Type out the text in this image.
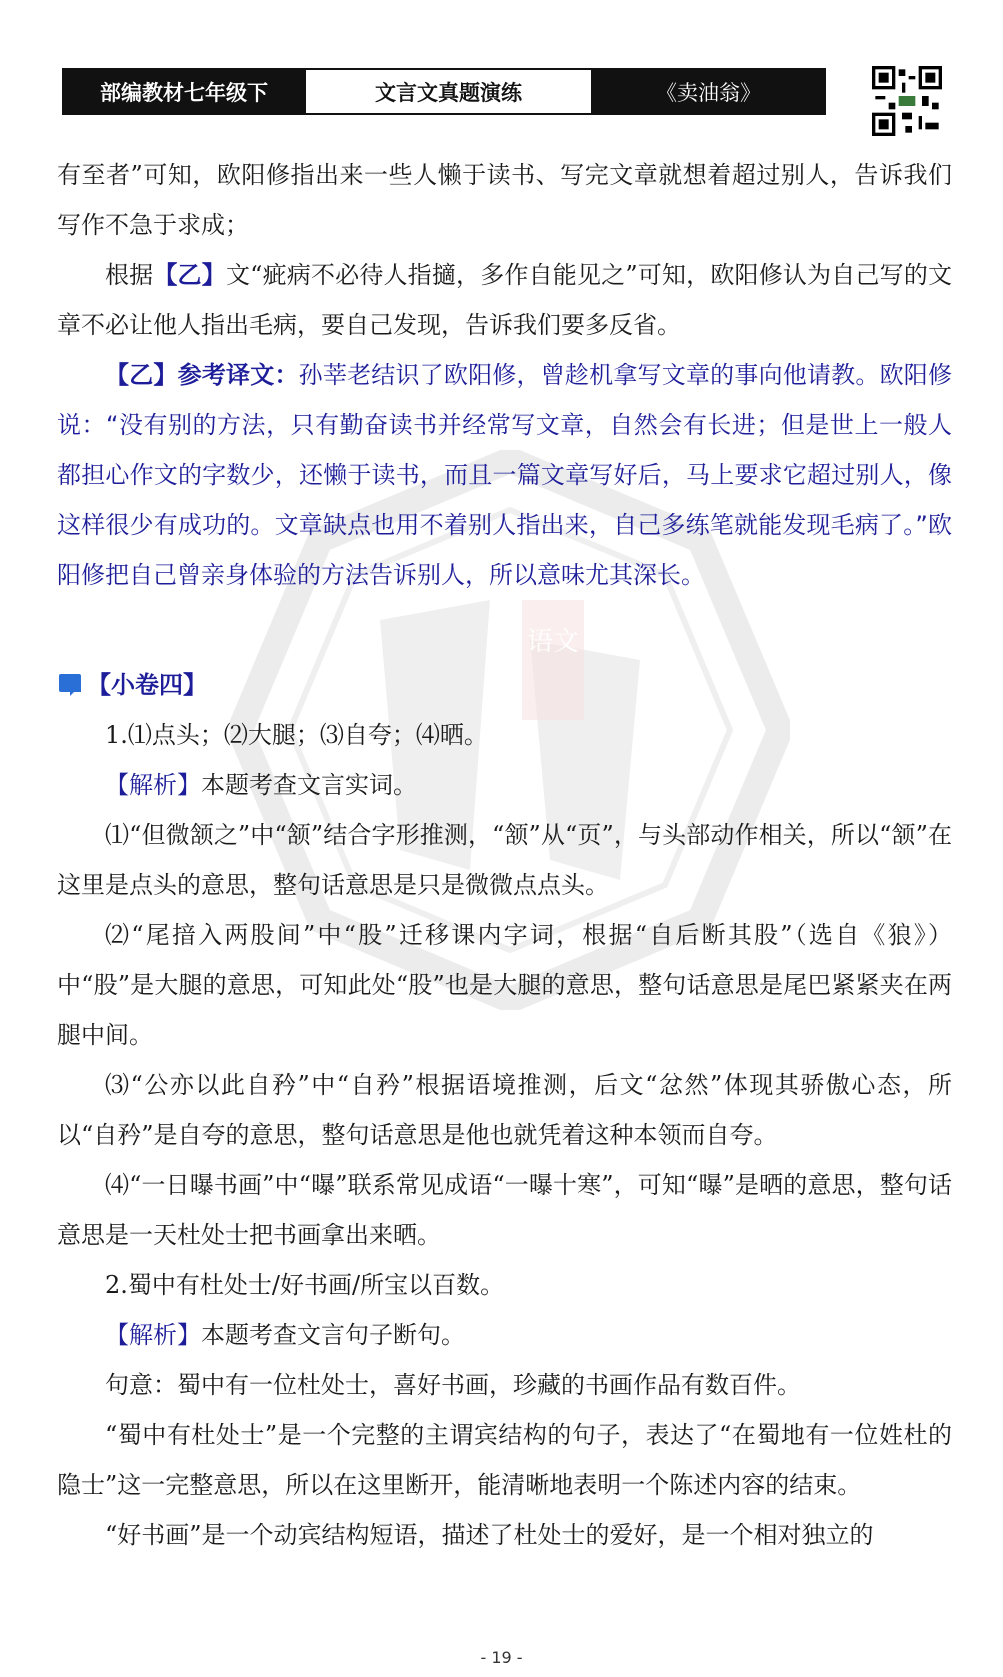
语文
部编教材七年级下	文言文真题演练	《卖油翁》

有至者”可知，欧阳修指出来一些人懒于读书、写完文章就想着超过别人，告诉我们写作不急于求成；

根据【乙】文“疵病不必待人指擿，多作自能见之”可知，欧阳修认为自己写的文章不必让他人指出毛病，要自己发现，告诉我们要多反省。

【乙】参考译文：孙莘老结识了欧阳修，曾趁机拿写文章的事向他请教。欧阳修说：“没有别的方法，只有勤奋读书并经常写文章，自然会有长进；但是世上一般人都担心作文的字数少，还懒于读书，而且一篇文章写好后，马上要求它超过别人，像这样很少有成功的。文章缺点也用不着别人指出来，自己多练笔就能发现毛病了。”欧阳修把自己曾亲身体验的方法告诉别人，所以意味尤其深长。

【小卷四】

1.⑴点头；⑵大腿；⑶自夸；⑷晒。

【解析】本题考查文言实词。

⑴“但微颔之”中“颔”结合字形推测，“颔”从“页”，与头部动作相关，所以“颔”在这里是点头的意思，整句话意思是只是微微点点头。

⑵“尾揞入两股间”中“股”迁移课内字词，根据“自后断其股”（选自《狼》）中“股”是大腿的意思，可知此处“股”也是大腿的意思，整句话意思是尾巴紧紧夹在两腿中间。

⑶“公亦以此自矜”中“自矜”根据语境推测，后文“忿然”体现其骄傲心态，所以“自矜”是自夸的意思，整句话意思是他也就凭着这种本领而自夸。

⑷“一日曝书画”中“曝”联系常见成语“一曝十寒”，可知“曝”是晒的意思，整句话意思是一天杜处士把书画拿出来晒。

2.蜀中有杜处士/好书画/所宝以百数。

【解析】本题考查文言句子断句。

句意：蜀中有一位杜处士，喜好书画，珍藏的书画作品有数百件。

“蜀中有杜处士”是一个完整的主谓宾结构的句子，表达了“在蜀地有一位姓杜的隐士”这一完整意思，所以在这里断开，能清晰地表明一个陈述内容的结束。

“好书画”是一个动宾结构短语，描述了杜处士的爱好，是一个相对独立的

- 19 -
